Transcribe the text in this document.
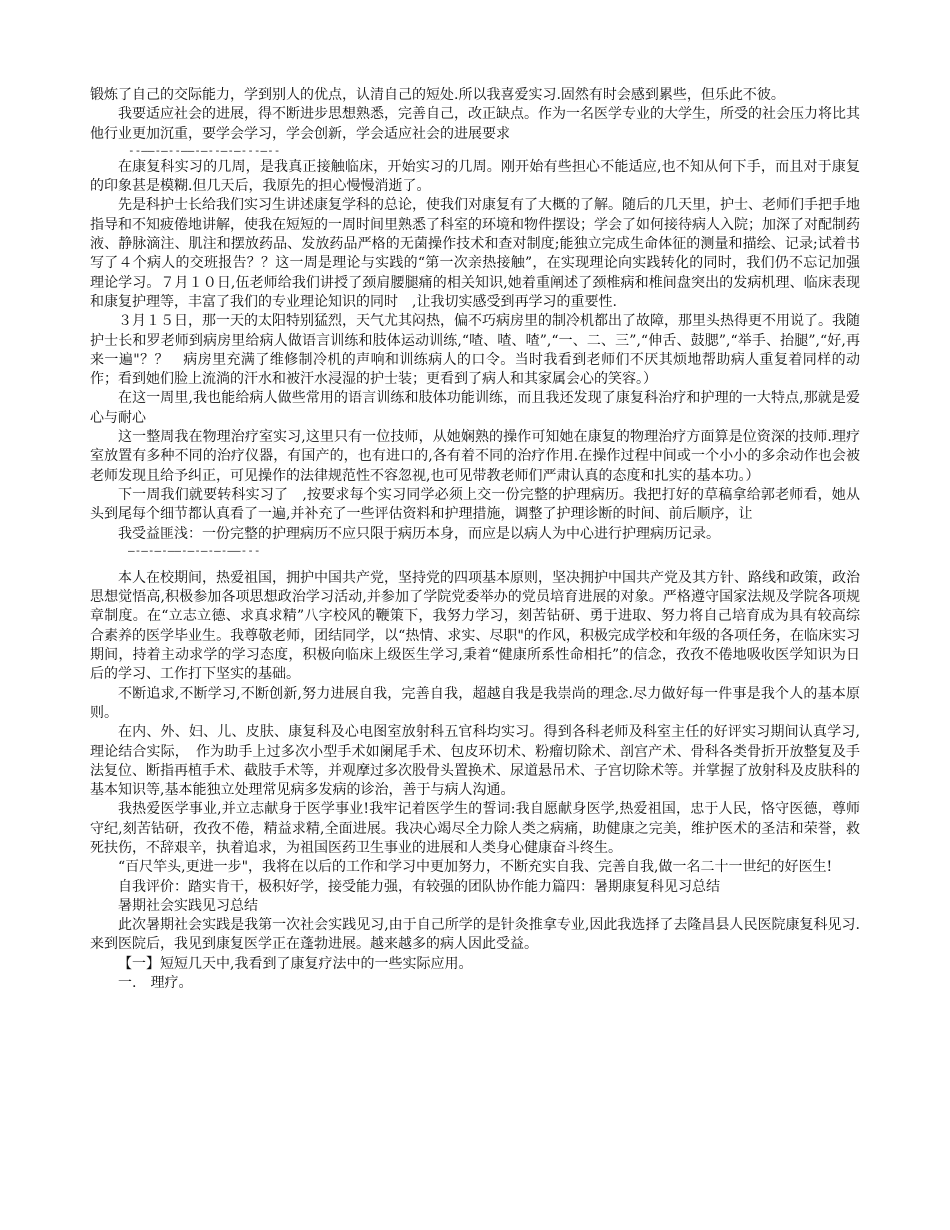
锻炼了自己的交际能力，学到别人的优点，认清自己的短处.所以我喜爱实习.固然有时会感到累些，但乐此不彼。

我要适应社会的进展，得不断进步思想熟悉，完善自己，改正缺点。作为一名医学专业的大学生，所受的社会压力将比其他行业更加沉重，要学会学习，学会创新，学会适应社会的进展要求

--——-—--——-—--—-—---—--

在康复科实习的几周，是我真正接触临床，开始实习的几周。刚开始有些担心不能适应,也不知从何下手，而且对于康复的印象甚是模糊.但几天后，我原先的担心慢慢消逝了。

先是科护士长给我们实习生讲述康复学科的总论，使我们对康复有了大概的了解。随后的几天里，护士、老师们手把手地指导和不知疲倦地讲解，使我在短短的一周时间里熟悉了科室的环境和物件摆设；学会了如何接待病人入院；加深了对配制药液、静脉滴注、肌注和摆放药品、发放药品严格的无菌操作技术和查对制度;能独立完成生命体征的测量和描绘、记录;试着书写了４个病人的交班报告？？这一周是理论与实践的“第一次亲热接触”，在实现理论向实践转化的同时，我们仍不忘记加强理论学习。７月１０日,伍老师给我们讲授了颈肩腰腿痛的相关知识,她着重阐述了颈椎病和椎间盘突出的发病机理、临床表现和康复护理等，丰富了我们的专业理论知识的同时　,让我切实感受到再学习的重要性.

３月１５日，那一天的太阳特别猛烈，天气尤其闷热，偏不巧病房里的制冷机都出了故障，那里头热得更不用说了。我随护士长和罗老师到病房里给病人做语言训练和肢体运动训练,“喳、喳、喳”,“一、二、三”,“伸舌、鼓腮”,“举手、抬腿”,“好,再来一遍"？？　病房里充满了维修制冷机的声响和训练病人的口令。当时我看到老师们不厌其烦地帮助病人重复着同样的动作；看到她们脸上流淌的汗水和被汗水浸湿的护士装；更看到了病人和其家属会心的笑容。）

在这一周里,我也能给病人做些常用的语言训练和肢体功能训练，而且我还发现了康复科治疗和护理的一大特点,那就是爱心与耐心

这一整周我在物理治疗室实习,这里只有一位技师，从她娴熟的操作可知她在康复的物理治疗方面算是位资深的技师.理疗室放置有多种不同的治疗仪器，有国产的，也有进口的,各有着不同的治疗作用.在操作过程中间或一个小小的多余动作也会被老师发现且给予纠正，可见操作的法律规范性不容忽视,也可见带教老师们严肃认真的态度和扎实的基本功。）

下一周我们就要转科实习了　,按要求每个实习同学必须上交一份完整的护理病历。我把打好的草稿拿给郭老师看，她从头到尾每个细节都认真看了一遍,并补充了一些评估资料和护理措施，调整了护理诊断的时间、前后顺序，让

我受益匪浅：一份完整的护理病历不应只限于病历本身，而应是以病人为中心进行护理病历记录。

—-—-—-——-—-—-—-——---

本人在校期间，热爱祖国，拥护中国共产党，坚持党的四项基本原则，坚决拥护中国共产党及其方针、路线和政策，政治思想觉悟高,积极参加各项思想政治学习活动,并参加了学院党委举办的党员培育进展的对象。严格遵守国家法规及学院各项规章制度。在“立志立德、求真求精”八字校风的鞭策下，我努力学习，刻苦钻研、勇于进取、努力将自己培育成为具有较高综合素养的医学毕业生。我尊敬老师，团结同学，以“热情、求实、尽职"的作风，积极完成学校和年级的各项任务，在临床实习期间，持着主动求学的学习态度，积极向临床上级医生学习,秉着“健康所系性命相托”的信念，孜孜不倦地吸收医学知识为日后的学习、工作打下坚实的基础。

不断追求,不断学习,不断创新,努力进展自我，完善自我，超越自我是我崇尚的理念.尽力做好每一件事是我个人的基本原则。

在内、外、妇、儿、皮肤、康复科及心电图室放射科五官科均实习。得到各科老师及科室主任的好评实习期间认真学习,理论结合实际，　作为助手上过多次小型手术如阑尾手术、包皮环切术、粉瘤切除术、剖宫产术、骨科各类骨折开放整复及手法复位、断指再植手术、截肢手术等，并观摩过多次股骨头置换术、尿道悬吊术、子宫切除术等。并掌握了放射科及皮肤科的基本知识等,基本能独立处理常见病多发病的诊治，善于与病人沟通。

我热爱医学事业,并立志献身于医学事业!我牢记着医学生的誓词:我自愿献身医学,热爱祖国，忠于人民，恪守医德，尊师守纪,刻苦钻研，孜孜不倦，精益求精,全面进展。我决心竭尽全力除人类之病痛，助健康之完美，维护医术的圣洁和荣誉，救死扶伤，不辞艰辛，执着追求，为祖国医药卫生事业的进展和人类身心健康奋斗终生。

“百尺竿头,更进一步"，我将在以后的工作和学习中更加努力，不断充实自我、完善自我,做一名二十一世纪的好医生!

自我评价：踏实肯干，极积好学，接受能力强，有较强的团队协作能力篇四：暑期康复科见习总结

暑期社会实践见习总结

此次暑期社会实践是我第一次社会实践见习,由于自己所学的是针灸推拿专业,因此我选择了去隆昌县人民医院康复科见习. 来到医院后，我见到康复医学正在蓬勃进展。越来越多的病人因此受益。

【一】短短几天中,我看到了康复疗法中的一些实际应用。

一.　理疗。
